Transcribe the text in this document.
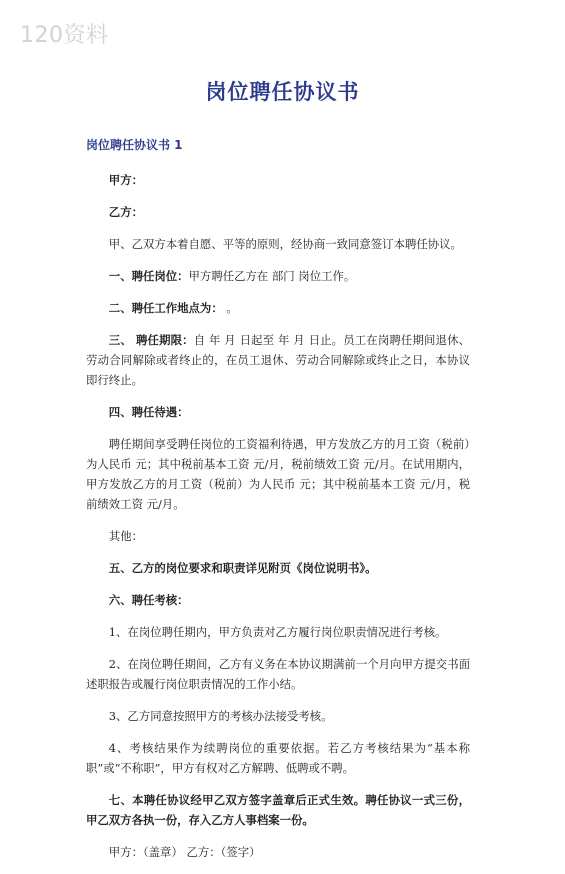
120资料
岗位聘任协议书
岗位聘任协议书 1

甲方：

乙方：

甲、乙双方本着自愿、平等的原则，经协商一致同意签订本聘任协议。

一、聘任岗位：甲方聘任乙方在 部门 岗位工作。

二、聘任工作地点为： 。

三、 聘任期限：自 年 月 日起至 年 月 日止。员工在岗聘任期间退休、劳动合同解除或者终止的，在员工退休、劳动合同解除或终止之日，本协议即行终止。

四、聘任待遇：

聘任期间享受聘任岗位的工资福利待遇，甲方发放乙方的月工资（税前）为人民币 元；其中税前基本工资 元/月，税前绩效工资 元/月。在试用期内，甲方发放乙方的月工资（税前）为人民币 元；其中税前基本工资 元/月，税前绩效工资 元/月。

其他：

五、乙方的岗位要求和职责详见附页《岗位说明书》。

六、聘任考核：

1、在岗位聘任期内，甲方负责对乙方履行岗位职责情况进行考核。

2、在岗位聘任期间，乙方有义务在本协议期满前一个月向甲方提交书面述职报告或履行岗位职责情况的工作小结。

3、乙方同意按照甲方的考核办法接受考核。

4、考核结果作为续聘岗位的重要依据。若乙方考核结果为“基本称职”或“不称职”，甲方有权对乙方解聘、低聘或不聘。

七、本聘任协议经甲乙双方签字盖章后正式生效。聘任协议一式三份，甲乙双方各执一份，存入乙方人事档案一份。

甲方：（盖章） 乙方：（签字）
